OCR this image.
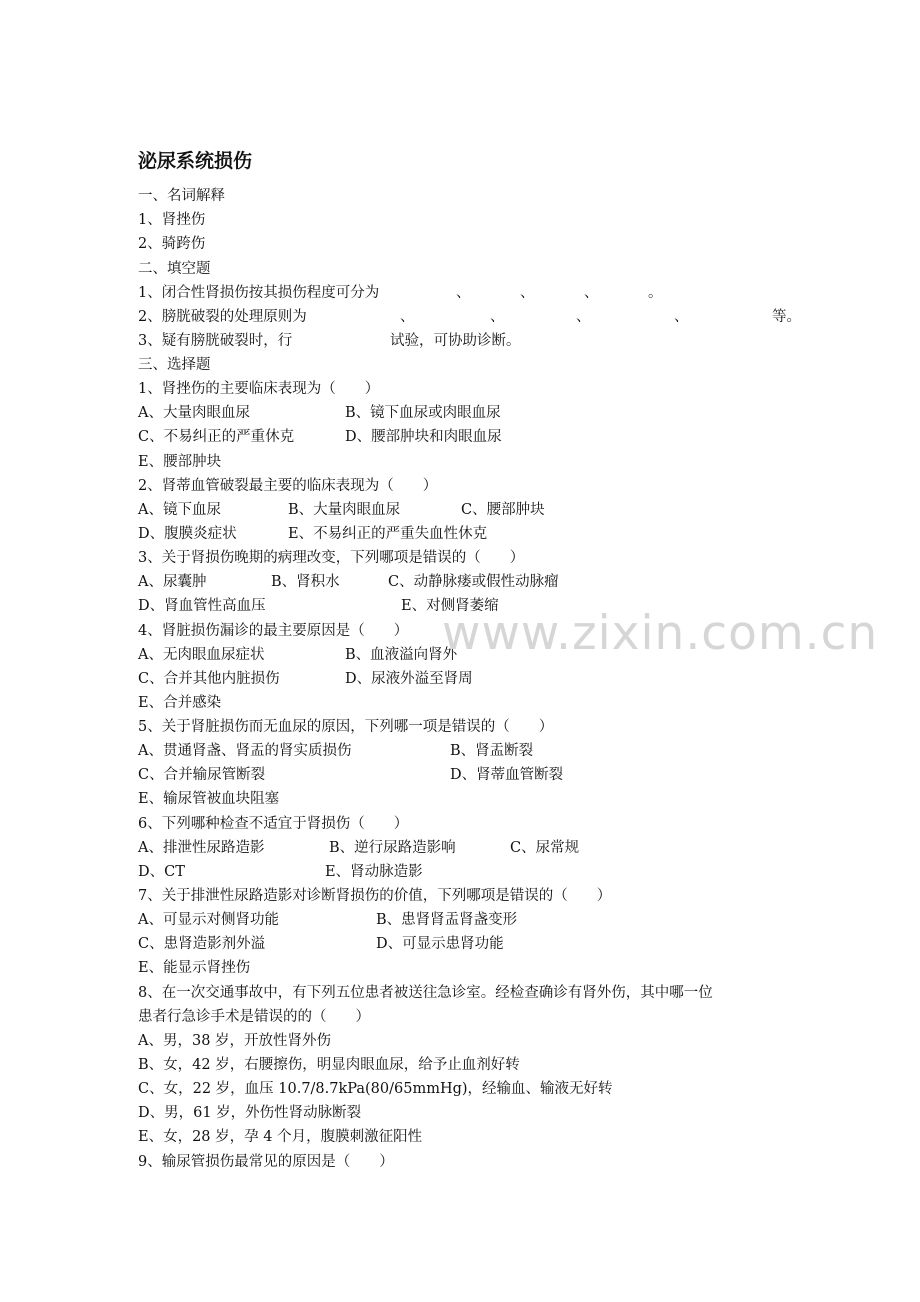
泌尿系统损伤
一、名词解释
1、肾挫伤
2、骑跨伤
二、填空题
1、闭合性肾损伤按其损伤程度可分为	、	、	、	。
2、膀胱破裂的处理原则为	、	、	、	、	等。
3、疑有膀胱破裂时，行	试验，可协助诊断。
三、选择题
1、肾挫伤的主要临床表现为（　　）
A、大量肉眼血尿	B、镜下血尿或肉眼血尿
C、不易纠正的严重休克	D、腰部肿块和肉眼血尿
E、腰部肿块
2、肾蒂血管破裂最主要的临床表现为（　　）
A、镜下血尿	B、大量肉眼血尿	C、腰部肿块
D、腹膜炎症状	E、不易纠正的严重失血性休克
3、关于肾损伤晚期的病理改变，下列哪项是错误的（　　）
A、尿囊肿	B、肾积水	C、动静脉瘘或假性动脉瘤
D、肾血管性高血压	E、对侧肾萎缩
4、肾脏损伤漏诊的最主要原因是（　　）
A、无肉眼血尿症状	B、血液溢向肾外
C、合并其他内脏损伤	D、尿液外溢至肾周
E、合并感染
5、关于肾脏损伤而无血尿的原因，下列哪一项是错误的（　　）
A、贯通肾盏、肾盂的肾实质损伤	B、肾盂断裂
C、合并输尿管断裂	D、肾蒂血管断裂
E、输尿管被血块阻塞
6、下列哪种检查不适宜于肾损伤（　　）
A、排泄性尿路造影	B、逆行尿路造影响	C、尿常规
D、CT	E、肾动脉造影
7、关于排泄性尿路造影对诊断肾损伤的价值，下列哪项是错误的（　　）
A、可显示对侧肾功能	B、患肾肾盂肾盏变形
C、患肾造影剂外溢	D、可显示患肾功能
E、能显示肾挫伤
8、在一次交通事故中，有下列五位患者被送往急诊室。经检查确诊有肾外伤，其中哪一位
患者行急诊手术是错误的的（　　）
A、男，38 岁，开放性肾外伤
B、女，42 岁，右腰擦伤，明显肉眼血尿，给予止血剂好转
C、女，22 岁，血压 10.7/8.7kPa(80/65mmHg)，经输血、输液无好转
D、男，61 岁，外伤性肾动脉断裂
E、女，28 岁，孕 4 个月，腹膜刺激征阳性
9、输尿管损伤最常见的原因是（　　）
www.zixin.com.cn
